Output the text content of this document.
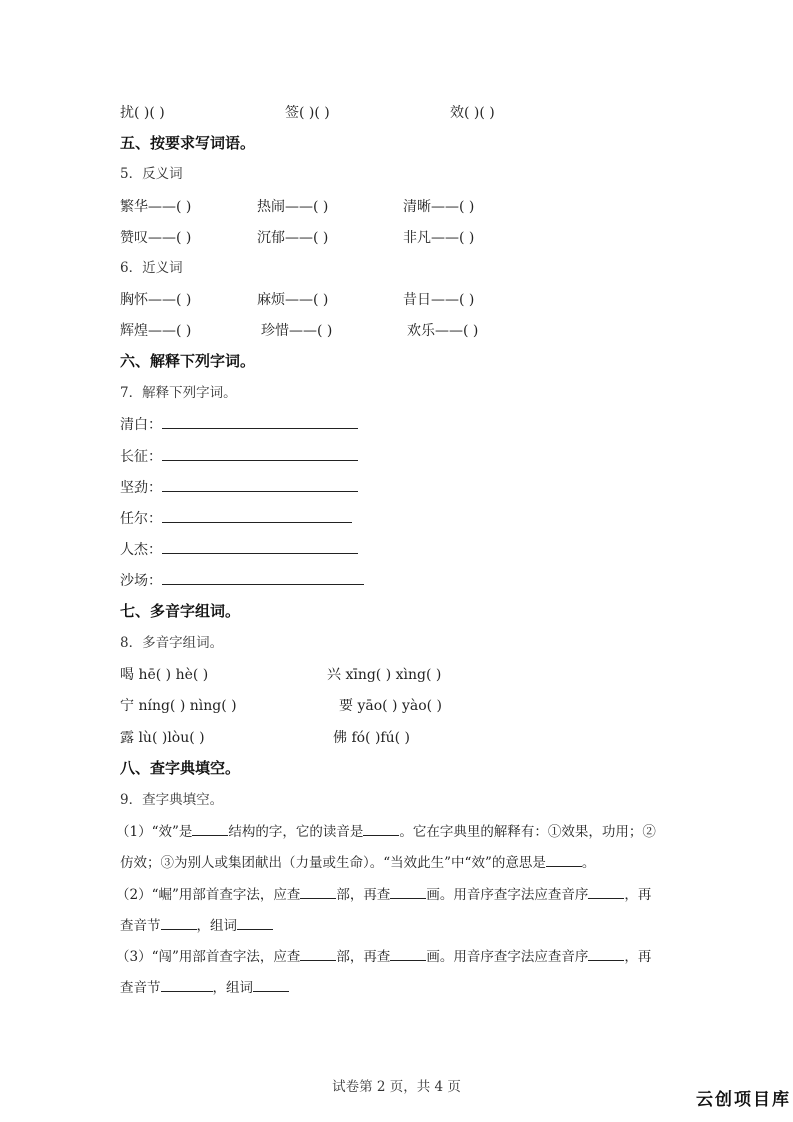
扰( )( )	签( )( )	效( )( )
五、按要求写词语。
5．反义词
繁华——( )	热闹——( )	清晰——( )
赞叹——( )	沉郁——( )	非凡——( )
6．近义词
胸怀——( )	麻烦——( )	昔日——( )
辉煌——( )	珍惜——( )	欢乐——( )
六、解释下列字词。
7．解释下列字词。
清白：
长征：
坚劲：
任尔：
人杰：
沙场：
七、多音字组词。
8．多音字组词。
喝 hē( ) hè( )	兴 xīng( ) xìng( )
宁 níng( ) nìng( )	要 yāo( ) yào( )
露 lù( )lòu( )	佛 fó( )fú( )
八、查字典填空。
9．查字典填空。
（1）“效”是	结构的字，它的读音是	。它在字典里的解释有：①效果，功用；②
仿效；③为别人或集团献出（力量或生命）。“当效此生”中“效”的意思是	。
（2）“崛”用部首查字法，应查	部，再查	画。用音序查字法应查音序	，再
查音节	，组词
（3）“闯”用部首查字法，应查	部，再查	画。用音序查字法应查音序	，再
查音节	，组词
试卷第 2 页，共 4 页
云创项目库
